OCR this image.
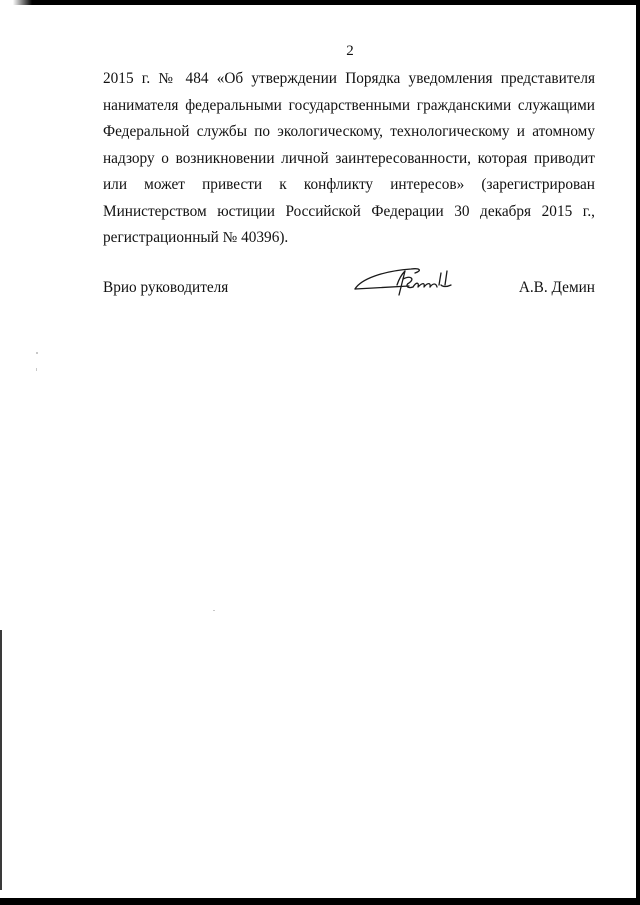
2
2015 г. № 484 «Об утверждении Порядка уведомления представителя
нанимателя федеральными государственными гражданскими служащими
Федеральной службы по экологическому, технологическому и атомному
надзору о возникновении личной заинтересованности, которая приводит
или может привести к конфликту интересов» (зарегистрирован
Министерством юстиции Российской Федерации 30 декабря 2015 г.,
регистрационный № 40396).
Врио руководителя	А.В. Демин
